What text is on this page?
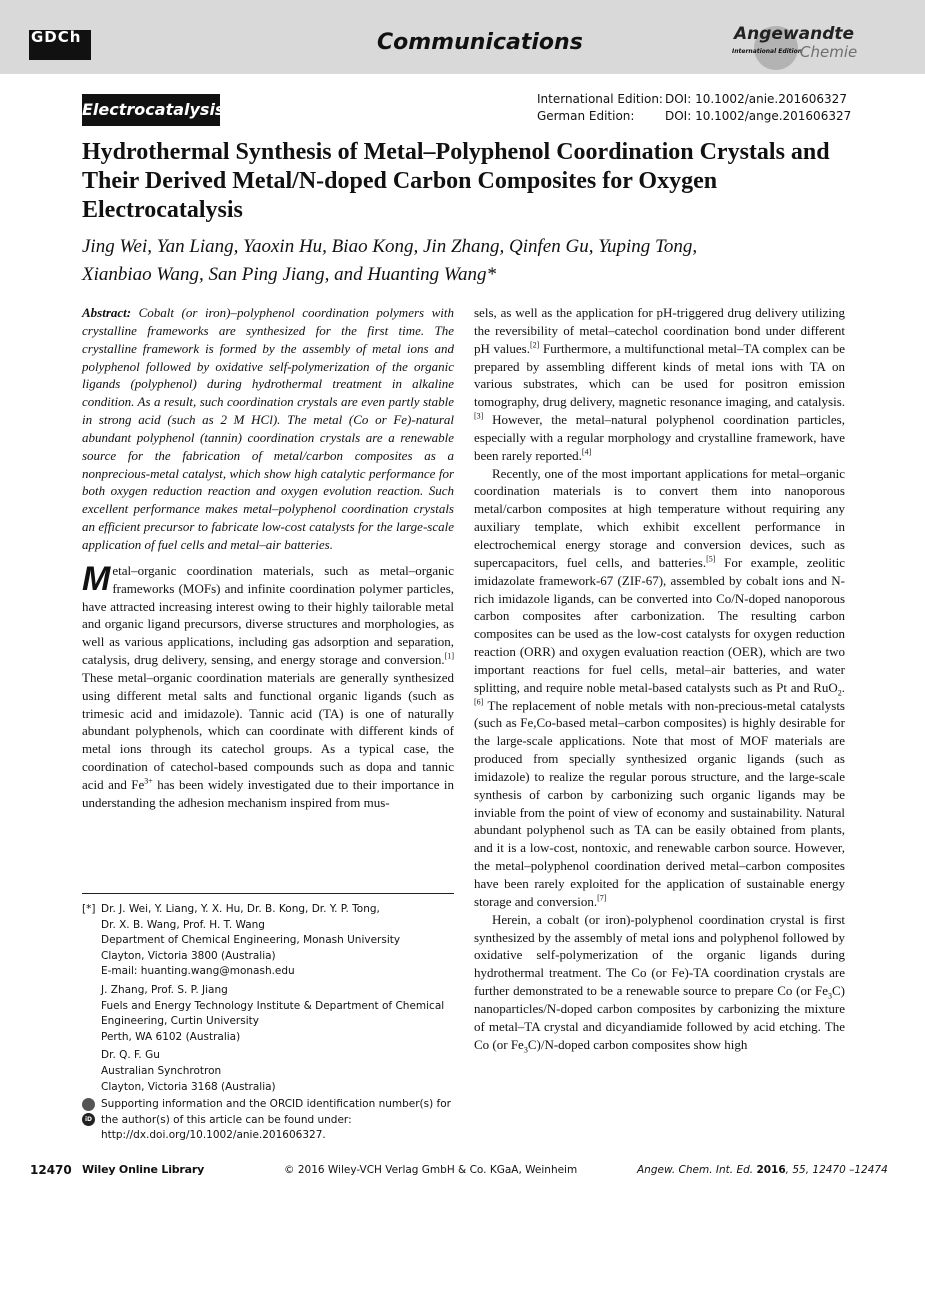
GDCh	Communications	Angewandte
International Edition
Chemie
Electrocatalysis
International Edition: DOI: 10.1002/anie.201606327
German Edition:	DOI: 10.1002/ange.201606327
Hydrothermal Synthesis of Metal–Polyphenol Coordination Crystals and Their Derived Metal/N-doped Carbon Composites for Oxygen Electrocatalysis
Jing Wei, Yan Liang, Yaoxin Hu, Biao Kong, Jin Zhang, Qinfen Gu, Yuping Tong,
Xianbiao Wang, San Ping Jiang, and Huanting Wang*

Abstract: Cobalt (or iron)–polyphenol coordination polymers with crystalline frameworks are synthesized for the first time. The crystalline framework is formed by the assembly of metal ions and polyphenol followed by oxidative self-polymerization of the organic ligands (polyphenol) during hydrothermal treatment in alkaline condition. As a result, such coordination crystals are even partly stable in strong acid (such as 2 M HCl). The metal (Co or Fe)-natural abundant polyphenol (tannin) coordination crystals are a renewable source for the fabrication of metal/carbon composites as a nonprecious-metal catalyst, which show high catalytic performance for both oxygen reduction reaction and oxygen evolution reaction. Such excellent performance makes metal–polyphenol coordination crystals an efficient precursor to fabricate low-cost catalysts for the large-scale application of fuel cells and metal–air batteries.

Metal–organic coordination materials, such as metal–organic frameworks (MOFs) and infinite coordination polymer particles, have attracted increasing interest owing to their highly tailorable metal and organic ligand precursors, diverse structures and morphologies, as well as various applications, including gas adsorption and separation, catalysis, drug delivery, sensing, and energy storage and conversion.[1] These metal–organic coordination materials are generally synthesized using different metal salts and functional organic ligands (such as trimesic acid and imidazole). Tannic acid (TA) is one of naturally abundant polyphenols, which can coordinate with different kinds of metal ions through its catechol groups. As a typical case, the coordination of catechol-based compounds such as dopa and tannic acid and $Fe^{3+}$ has been widely investigated due to their importance in understanding the adhesion mechanism inspired from mus-

[*] Dr. J. Wei, Y. Liang, Y. X. Hu, Dr. B. Kong, Dr. Y. P. Tong,
Dr. X. B. Wang, Prof. H. T. Wang
Department of Chemical Engineering, Monash University
Clayton, Victoria 3800 (Australia)
E-mail: huanting.wang@monash.edu
J. Zhang, Prof. S. P. Jiang
Fuels and Energy Technology Institute & Department of Chemical
Engineering, Curtin University
Perth, WA 6102 (Australia)
Dr. Q. F. Gu
Australian Synchrotron
Clayton, Victoria 3168 (Australia)
iD
Supporting information and the ORCID identification number(s) for
the author(s) of this article can be found under:
http://dx.doi.org/10.1002/anie.201606327.

sels, as well as the application for pH-triggered drug delivery utilizing the reversibility of metal–catechol coordination bond under different pH values.[2] Furthermore, a multifunctional metal–TA complex can be prepared by assembling different kinds of metal ions with TA on various substrates, which can be used for positron emission tomography, drug delivery, magnetic resonance imaging, and catalysis.[3] However, the metal–natural polyphenol coordination particles, especially with a regular morphology and crystalline framework, have been rarely reported.[4]

Recently, one of the most important applications for metal–organic coordination materials is to convert them into nanoporous metal/carbon composites at high temperature without requiring any auxiliary template, which exhibit excellent performance in electrochemical energy storage and conversion devices, such as supercapacitors, fuel cells, and batteries.[5] For example, zeolitic imidazolate framework-67 (ZIF-67), assembled by cobalt ions and N-rich imidazole ligands, can be converted into Co/N-doped nanoporous carbon composites after carbonization. The resulting carbon composites can be used as the low-cost catalysts for oxygen reduction reaction (ORR) and oxygen evaluation reaction (OER), which are two important reactions for fuel cells, metal–air batteries, and water splitting, and require noble metal-based catalysts such as Pt and RuO$_2$.[6] The replacement of noble metals with non-precious-metal catalysts (such as Fe,Co-based metal–carbon composites) is highly desirable for the large-scale applications. Note that most of MOF materials are produced from specially synthesized organic ligands (such as imidazole) to realize the regular porous structure, and the large-scale synthesis of carbon by carbonizing such organic ligands may be inviable from the point of view of economy and sustainability. Natural abundant polyphenol such as TA can be easily obtained from plants, and it is a low-cost, nontoxic, and renewable carbon source. However, the metal–polyphenol coordination derived metal–carbon composites have been rarely exploited for the application of sustainable energy storage and conversion.[7]

Herein, a cobalt (or iron)-polyphenol coordination crystal is first synthesized by the assembly of metal ions and polyphenol followed by oxidative self-polymerization of the organic ligands during hydrothermal treatment. The Co (or Fe)-TA coordination crystals are further demonstrated to be a renewable source to prepare Co (or $Fe_3C$) nanoparticles/N-doped carbon composites by carbonizing the mixture of metal–TA crystal and dicyandiamide followed by acid etching. The Co (or $Fe_3C)/N$-doped carbon composites show high

12470 Wiley Online Library	© 2016 Wiley-VCH Verlag GmbH & Co. KGaA, Weinheim	Angew. Chem. Int. Ed. 2016, 55, 12470 –12474
